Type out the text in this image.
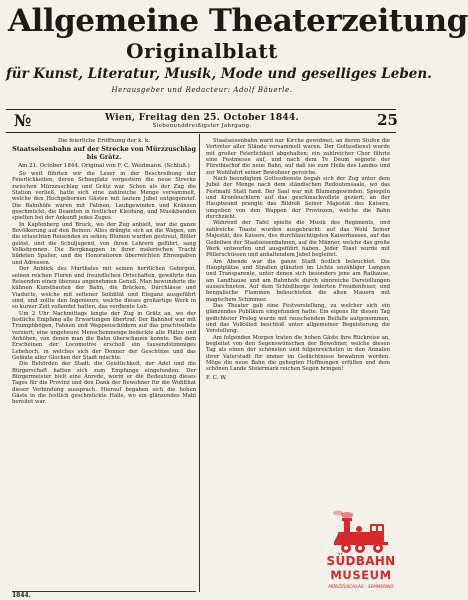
Allgemeine Theaterzeitung
Originalblatt
für Kunst, Literatur, Musik, Mode und geselliges Leben.
Herausgeber und Redacteur: Adolf Bäuerle.
№	Wien, Freitag den 25. October 1844.
Siebenunddreißigster Jahrgang.	25
Die feierliche Eröffnung der k. k.
Staatseisenbahn auf der Strecke von Mürzzuschlag bis Grätz.
Am 21. October 1844. Original von F. C. Weidmann. (Schluß.)

So weit führten wir die Leser in der Beschreibung der Feierlichkeiten, deren Schauplatz vorgestern die neue Strecke zwischen Mürzzuschlag und Grätz war. Schon als der Zug die Station verließ, hatte sich eine zahlreiche Menge versammelt, welche den Hochgebornen Gästen mit lautem Jubel entgegenrief. Die Bahnhöfe waren mit Fahnen, Laubgewinden und Kränzen geschmückt, die Beamten in festlicher Kleidung, und Musikbanden spielten bei der Ankunft jedes Zuges.

In Kapfenberg und Bruck, wo der Zug anhielt, war die ganze Bevölkerung auf den Beinen. Alles drängte sich an die Wagen, um die erlauchten Reisenden zu sehen; Blumen wurden gestreut, Böller gelöst, und die Schuljugend, von ihren Lehrern geführt, sang Volkshymnen. Die Bergknappen in ihrer malerischen Tracht bildeten Spalier, und die Honoratioren überreichten Ehrengaben und Adressen.

Der Anblick des Murthales mit seinen herrlichen Gebirgen, seinen reichen Fluren und freundlichen Ortschaften, gewährte den Reisenden einen überaus angenehmen Genuß. Man bewunderte die kühnen Kunstbauten der Bahn, die Brücken, Durchlässe und Viaducte, welche mit seltener Solidität und Eleganz ausgeführt sind, und zollte den Ingenieurs, welche dieses großartige Werk in so kurzer Zeit vollendet hatten, das verdiente Lob.

Um 2 Uhr Nachmittags langte der Zug in Grätz an, wo der festliche Empfang alle Erwartungen übertraf. Der Bahnhof war mit Triumphbögen, Fahnen und Wappenschildern auf das prachtvollste verziert; eine ungeheure Menschenmenge bedeckte alle Plätze und Anhöhen, von denen man die Bahn überschauen konnte. Bei dem Erscheinen der Locomotive erscholl ein tausendstimmiges Lebehoch, in welches sich der Donner der Geschütze und das Geläute aller Glocken der Stadt mischte.

Die Behörden der Stadt, die Geistlichkeit, der Adel und die Bürgerschaft hatten sich zum Empfange eingefunden. Der Bürgermeister hielt eine Anrede, worin er die Bedeutung dieses Tages für die Provinz und den Dank der Bewohner für die Wohlthat dieser Verbindung aussprach. Hierauf begaben sich die hohen Gäste in die festlich geschmückte Halle, wo ein glänzendes Mahl bereitet war.

Staatseisenbahn ward nur Kirche gewidmet, an deren Stufen die Vertreter aller Stände versammelt waren. Der Gottesdienst wurde mit großer Feierlichkeit abgehalten; ein zahlreicher Chor führte eine Festmesse auf, und nach dem Te Deum segnete der Fürstbischof die neue Bahn, auf daß sie zum Heile des Landes und zur Wohlfahrt seiner Bewohner gereiche.

Nach beendigtem Gottesdienste begab sich der Zug unter dem Jubel der Menge nach dem ständischen Redoutensaale, wo das Festmahl Statt fand. Der Saal war mit Blumengewinden, Spiegeln und Kronleuchtern auf das geschmackvollste geziert; an der Hauptwand prangte das Bildniß Seiner Majestät des Kaisers, umgeben von den Wappen der Provinzen, welche die Bahn durchzieht.

Während der Tafel spielte die Musik des Regiments, und zahlreiche Toaste wurden ausgebracht: auf das Wohl Seiner Majestät, des Kaisers, des durchlauchtigsten Kaiserhauses, auf das Gedeihen der Staatseisenbahnen, auf die Männer, welche das große Werk entworfen und ausgeführt haben. Jeder Toast wurde mit Pöllerschüssen und anhaltendem Jubel begleitet.

Am Abende war die ganze Stadt festlich beleuchtet. Die Hauptplätze und Straßen glänzten im Lichte unzähliger Lampen und Transparente, unter denen sich besonders jene am Rathause, am Landhause und am Bahnhofe durch sinnreiche Darstellungen auszeichneten. Auf dem Schloßberge loderten Freudenfeuer, und bengalische Flammen beleuchteten die alten Mauern mit magischem Schimmer.

Das Theater gab eine Festvorstellung, zu welcher sich ein glänzendes Publikum eingefunden hatte. Ein eigens für diesen Tag gedichteter Prolog wurde mit rauschendem Beifalle aufgenommen, und das Volkslied beschloß unter allgemeiner Begeisterung die Vorstellung.

Am folgenden Morgen traten die hohen Gäste ihre Rückreise an, begleitet von den Segenswünschen der Bewohner, welche diesen Tag als einen der schönsten und folgenreichsten in den Annalen ihrer Vaterstadt für immer im Gedächtnisse bewahren werden. Möge die neue Bahn die gehegten Hoffnungen erfüllen und dem schönen Lande Steiermark reichen Segen bringen!

F. C. W.
1844.
SÜDBAHN
MUSEUM
MÜRZZUSCHLAG · SEMMERING
